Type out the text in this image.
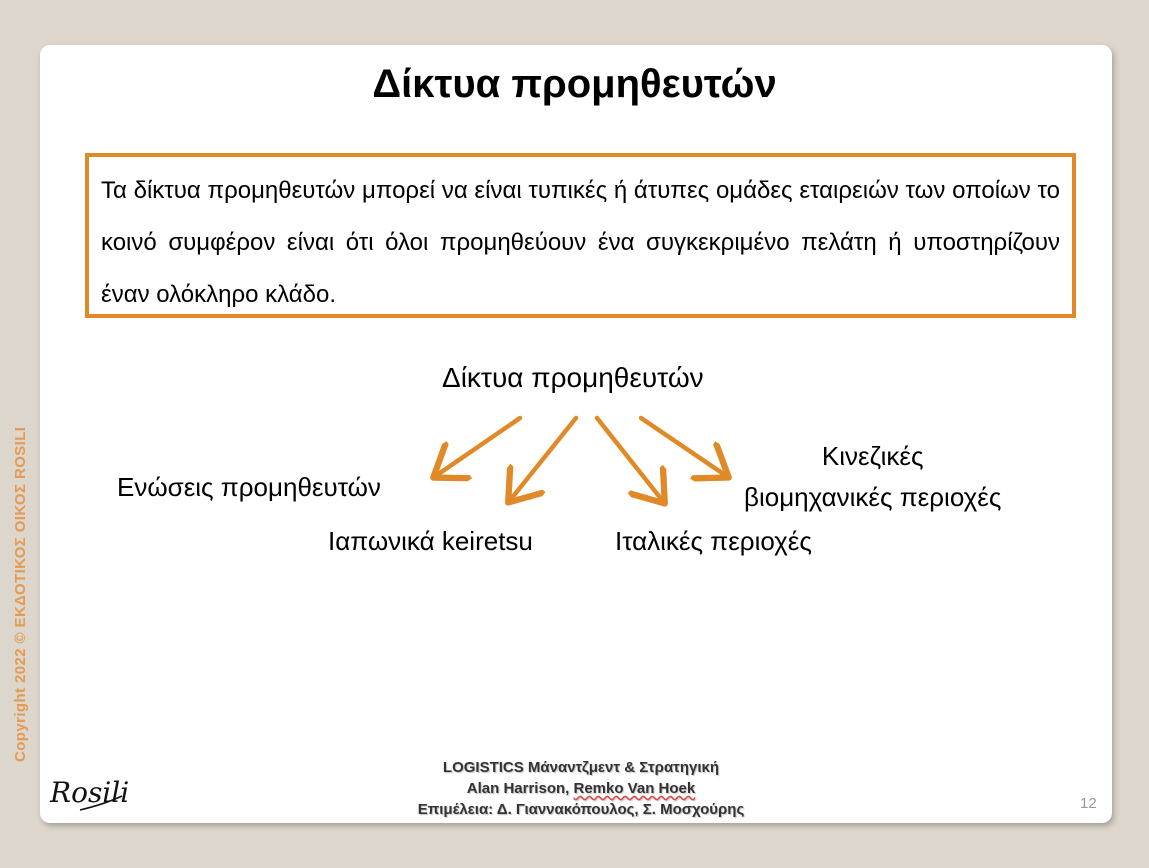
Δίκτυα προμηθευτών

Τα δίκτυα προμηθευτών μπορεί να είναι τυπικές ή άτυπες ομάδες εταιρειών των οποίων το κοινό συμφέρον είναι ότι όλοι προμηθεύουν ένα συγκεκριμένο πελάτη ή υποστηρίζουν έναν ολόκληρο κλάδο.

Δίκτυα προμηθευτών
Ενώσεις προμηθευτών
Ιαπωνικά keiretsu	Ιταλικές περιοχές
Κινεζικές
βιομηχανικές περιοχές
Copyright 2022 © ΕΚΔΟΤΙΚΟΣ ΟΙΚΟΣ ROSILI
Rosili
LOGISTICS Μάναντζμεντ & Στρατηγική
Alan Harrison, Remko Van Hoek
Επιμέλεια: Δ. Γιαννακόπουλος, Σ. Μοσχούρης	12
